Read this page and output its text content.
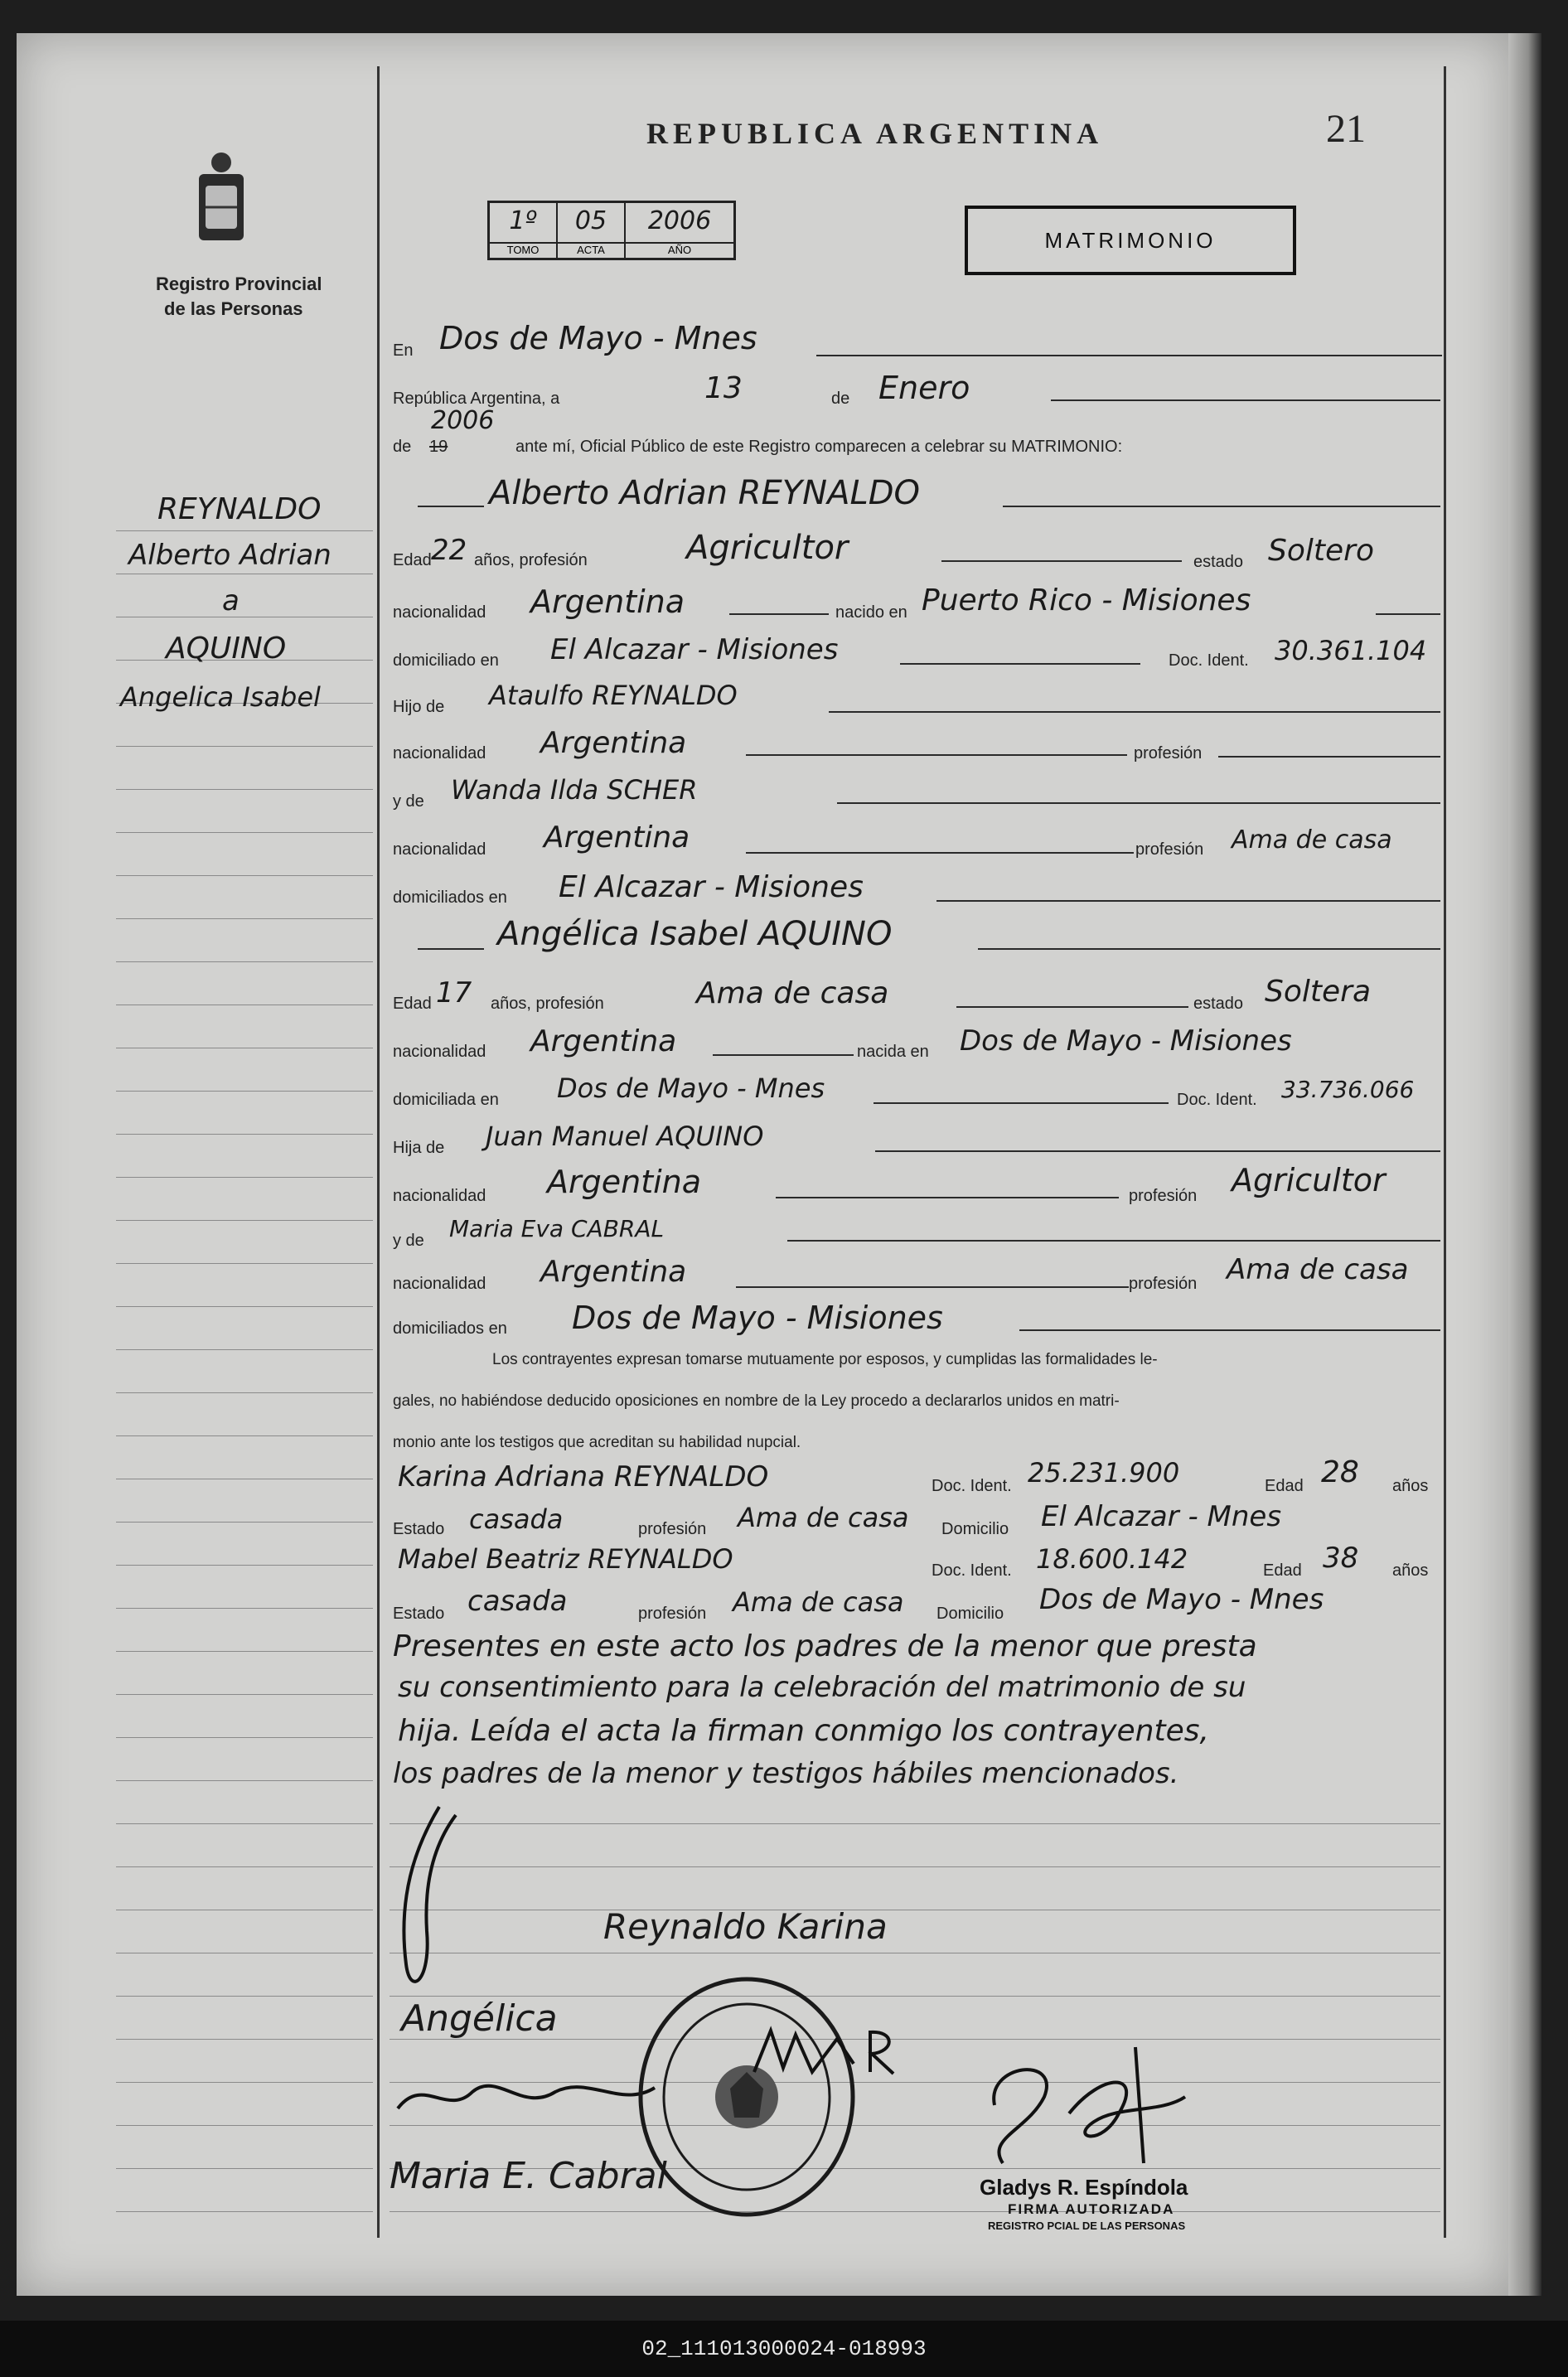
REPUBLICA ARGENTINA	21
Registro Provincial
de las Personas
1º
TOMO
05
ACTA
2006
AÑO	MATRIMONIO
REYNALDO
Alberto Adrian
a
AQUINO
Angelica Isabel
En Dos de Mayo - Mnes
República Argentina, a	13	de Enero
2006
de 19	ante mí, Oficial Público de este Registro comparecen a celebrar su MATRIMONIO:
Alberto Adrian REYNALDO
Edad 22 años, profesión	Agricultor	estado Soltero
nacionalidad Argentina	nacido en Puerto Rico - Misiones
domiciliado en El Alcazar - Misiones	Doc. Ident. 30.361.104
Hijo de Ataulfo REYNALDO
nacionalidad Argentina	profesión
y de Wanda Ilda SCHER
nacionalidad Argentina	profesión Ama de casa
domiciliados en El Alcazar - Misiones
Angélica Isabel AQUINO
Edad 17 años, profesión	Ama de casa	estado Soltera
nacionalidad Argentina	nacida en Dos de Mayo - Misiones
domiciliada en Dos de Mayo - Mnes	Doc. Ident. 33.736.066
Hija de Juan Manuel AQUINO
nacionalidad Argentina	profesión Agricultor
y de Maria Eva CABRAL
nacionalidad Argentina	profesión Ama de casa
domiciliados en Dos de Mayo - Misiones
Los contrayentes expresan tomarse mutuamente por esposos, y cumplidas las formalidades le-
gales, no habiéndose deducido oposiciones en nombre de la Ley procedo a declararlos unidos en matri-
monio ante los testigos que acreditan su habilidad nupcial.
Karina Adriana REYNALDO	Doc. Ident. 25.231.900	Edad 28 años
Estado casada	profesión Ama de casa Domicilio El Alcazar - Mnes
Mabel Beatriz REYNALDO	Doc. Ident. 18.600.142	Edad 38 años
Estado casada	profesión Ama de casa Domicilio Dos de Mayo - Mnes
Presentes en este acto los padres de la menor que presta
su consentimiento para la celebración del matrimonio de su
hija. Leída el acta la firman conmigo los contrayentes,
los padres de la menor y testigos hábiles mencionados.
Reynaldo Karina
Angélica
Maria E. Cabral	Gladys R. Espíndola
FIRMA AUTORIZADA
REGISTRO PCIAL DE LAS PERSONAS
02_111013000024-018993
